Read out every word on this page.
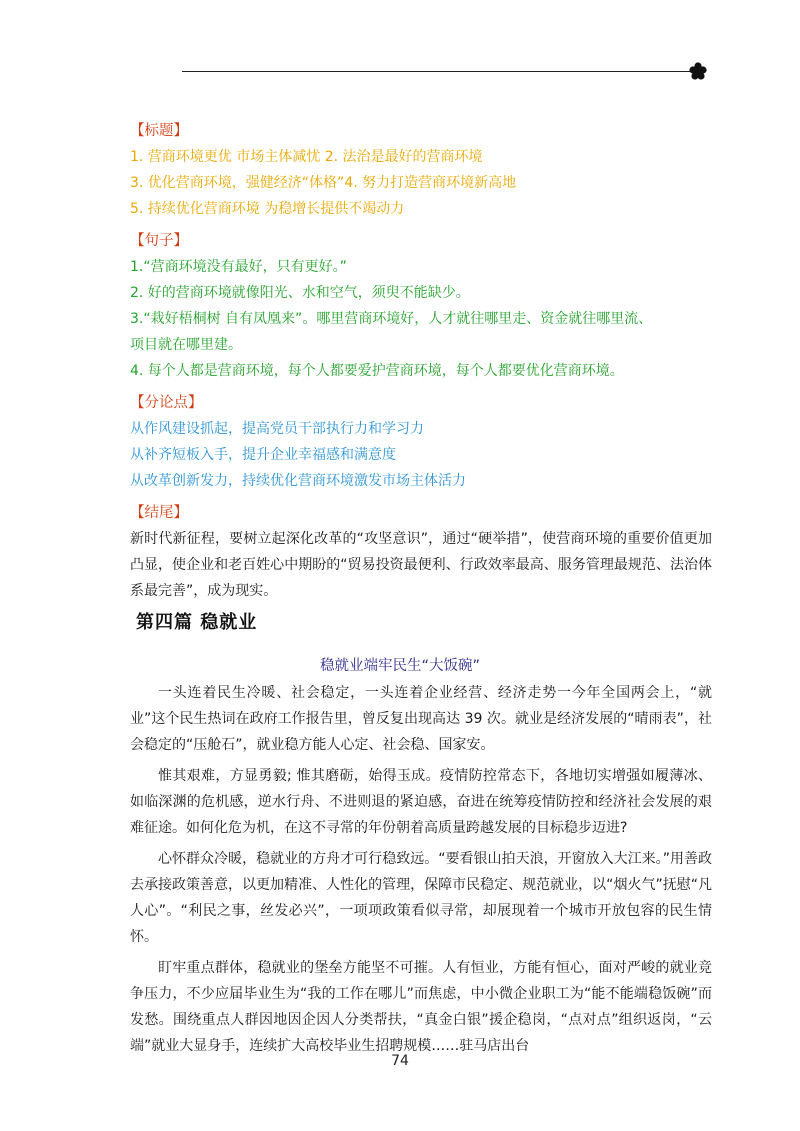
【标题】
1. 营商环境更优 市场主体减忧 2. 法治是最好的营商环境
3. 优化营商环境，强健经济“体格”4. 努力打造营商环境新高地
5. 持续优化营商环境 为稳增长提供不竭动力
【句子】
1.“营商环境没有最好，只有更好。”
2. 好的营商环境就像阳光、水和空气，须臾不能缺少。
3.“栽好梧桐树 自有凤凰来”。哪里营商环境好，人才就往哪里走、资金就往哪里流、
项目就在哪里建。
4. 每个人都是营商环境，每个人都要爱护营商环境，每个人都要优化营商环境。
【分论点】
从作风建设抓起，提高党员干部执行力和学习力
从补齐短板入手，提升企业幸福感和满意度
从改革创新发力，持续优化营商环境激发市场主体活力
【结尾】
新时代新征程，要树立起深化改革的“攻坚意识”，通过“硬举措”，使营商环境的重要价值更加凸显，使企业和老百姓心中期盼的“贸易投资最便利、行政效率最高、服务管理最规范、法治体系最完善”，成为现实。
第四篇 稳就业
稳就业端牢民生“大饭碗”

一头连着民生冷暖、社会稳定，一头连着企业经营、经济走势一今年全国两会上，“就业”这个民生热词在政府工作报告里，曾反复出现高达 39 次。就业是经济发展的“晴雨表”，社会稳定的“压舱石”，就业稳方能人心定、社会稳、国家安。

惟其艰难，方显勇毅; 惟其磨砺，始得玉成。疫情防控常态下，各地切实增强如履薄冰、如临深渊的危机感，逆水行舟、不进则退的紧迫感，奋进在统筹疫情防控和经济社会发展的艰难征途。如何化危为机，在这不寻常的年份朝着高质量跨越发展的目标稳步迈进?

心怀群众冷暖，稳就业的方舟才可行稳致远。“要看银山拍天浪，开窗放入大江来。”用善政去承接政策善意，以更加精准、人性化的管理，保障市民稳定、规范就业，以“烟火气”抚慰“凡人心”。“利民之事，丝发必兴”，一项项政策看似寻常，却展现着一个城市开放包容的民生情怀。

盯牢重点群体，稳就业的堡垒方能坚不可摧。人有恒业，方能有恒心，面对严峻的就业竞争压力，不少应届毕业生为“我的工作在哪儿”而焦虑，中小微企业职工为“能不能端稳饭碗”而发愁。围绕重点人群因地因企因人分类帮扶，“真金白银”援企稳岗，“点对点”组织返岗，“云端”就业大显身手，连续扩大高校毕业生招聘规模……驻马店出台

74
